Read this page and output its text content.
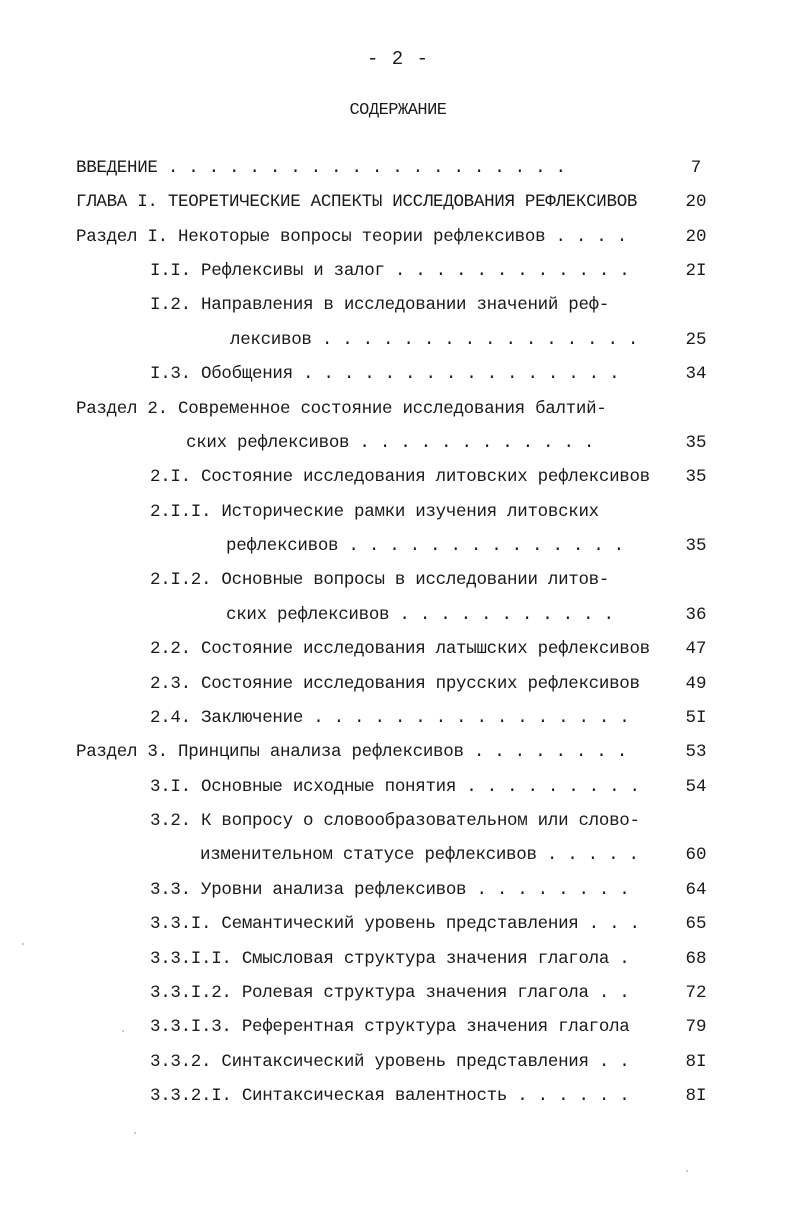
- 2 -
СОДЕРЖАНИЕ
ВВЕДЕНИЕ . . . . . . . . . . . . . . . . . . . .	7
ГЛАВА I. ТЕОРЕТИЧЕСКИЕ АСПЕКТЫ ИССЛЕДОВАНИЯ РЕФЛЕКСИВОВ	20
Раздел I. Некоторые вопросы теории рефлексивов . . . .	20
I.I. Рефлексивы и залог . . . . . . . . . . . .	2I
I.2. Направления в исследовании значений реф-
лексивов . . . . . . . . . . . . . . . .	25
I.3. Обобщения . . . . . . . . . . . . . . . .	34
Раздел 2. Современное состояние исследования балтий-
ских рефлексивов . . . . . . . . . . . .	35
2.I. Состояние исследования литовских рефлексивов	35
2.I.I. Исторические рамки изучения литовских
рефлексивов . . . . . . . . . . . . . .	35
2.I.2. Основные вопросы в исследовании литов-
ских рефлексивов . . . . . . . . . . .	36
2.2. Состояние исследования латышских рефлексивов	47
2.3. Состояние исследования прусских рефлексивов	49
2.4. Заключение . . . . . . . . . . . . . . . .	5I
Раздел 3. Принципы анализа рефлексивов . . . . . . . .	53
3.I. Основные исходные понятия . . . . . . . . .	54
3.2. К вопросу о словообразовательном или слово-
изменительном статусе рефлексивов . . . . .	60
3.3. Уровни анализа рефлексивов . . . . . . . .	64
3.3.I. Семантический уровень представления . . .	65
3.3.I.I. Смысловая структура значения глагола .	68
3.3.I.2. Ролевая структура значения глагола . .	72
3.3.I.3. Референтная структура значения глагола	79
3.3.2. Синтаксический уровень представления . .	8I
3.3.2.I. Синтаксическая валентность . . . . . .	8I
